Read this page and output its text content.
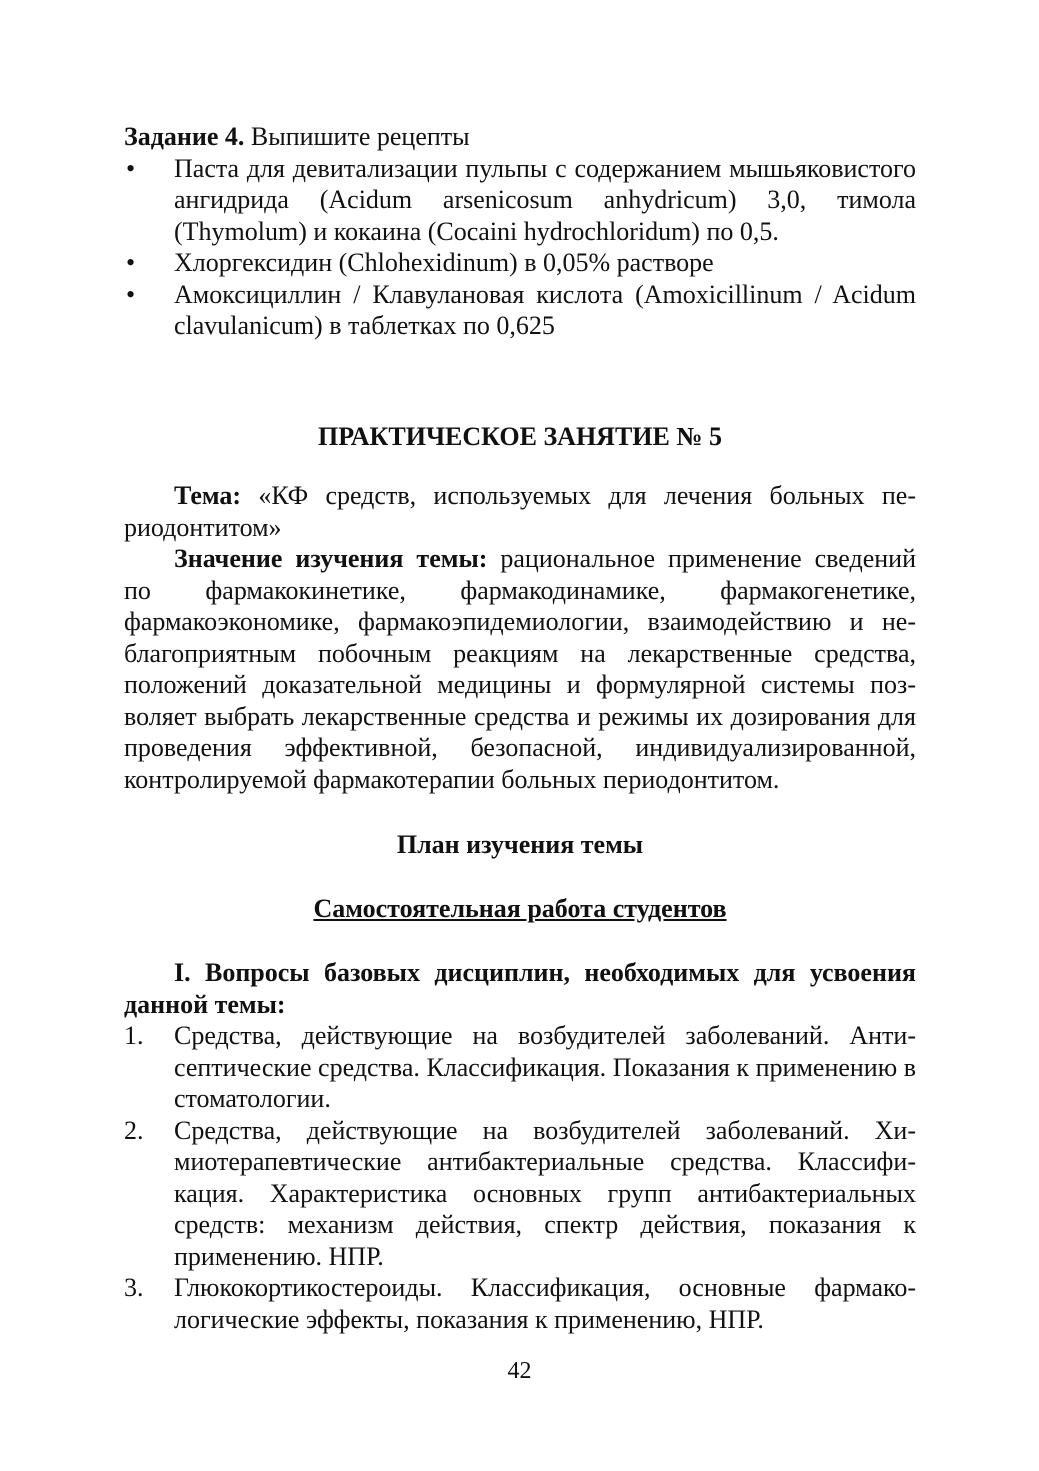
Задание 4. Выпишите рецепты

• Паста для девитализации пульпы с содержанием мышьяковистого ангидрида (Acidum arsenicosum anhydricum) 3,0, тимола (Thymolum) и кокаина (Cocaini hydrochloridum) по 0,5.
• Хлоргексидин (Chlohexidinum) в 0,05% растворе
• Амоксициллин / Клавулановая кислота (Amoxicillinum / Acidum clavulanicum) в таблетках по 0,625

ПРАКТИЧЕСКОЕ ЗАНЯТИЕ № 5

Тема: «КФ средств, используемых для лечения больных периодонтитом»

Значение изучения темы: рациональное применение сведений по фармакокинетике, фармакодинамике, фармакогенетике, фармакоэкономике, фармакоэпидемиологии, взаимодействию и неблагоприятным побочным реакциям на лекарственные средства, положений доказательной медицины и формулярной системы позволяет выбрать лекарственные средства и режимы их дозирования для проведения эффективной, безопасной, индивидуализированной, контролируемой фармакотерапии больных периодонтитом.

План изучения темы

Самостоятельная работа студентов

I. Вопросы базовых дисциплин, необходимых для усвоения данной темы:

1. Средства, действующие на возбудителей заболеваний. Антисептические средства. Классификация. Показания к применению в стоматологии.
2. Средства, действующие на возбудителей заболеваний. Химиотерапевтические антибактериальные средства. Классификация. Характеристика основных групп антибактериальных средств: механизм действия, спектр действия, показания к применению. НПР.
3. Глюкокортикостероиды. Классификация, основные фармакологические эффекты, показания к применению, НПР.
42
